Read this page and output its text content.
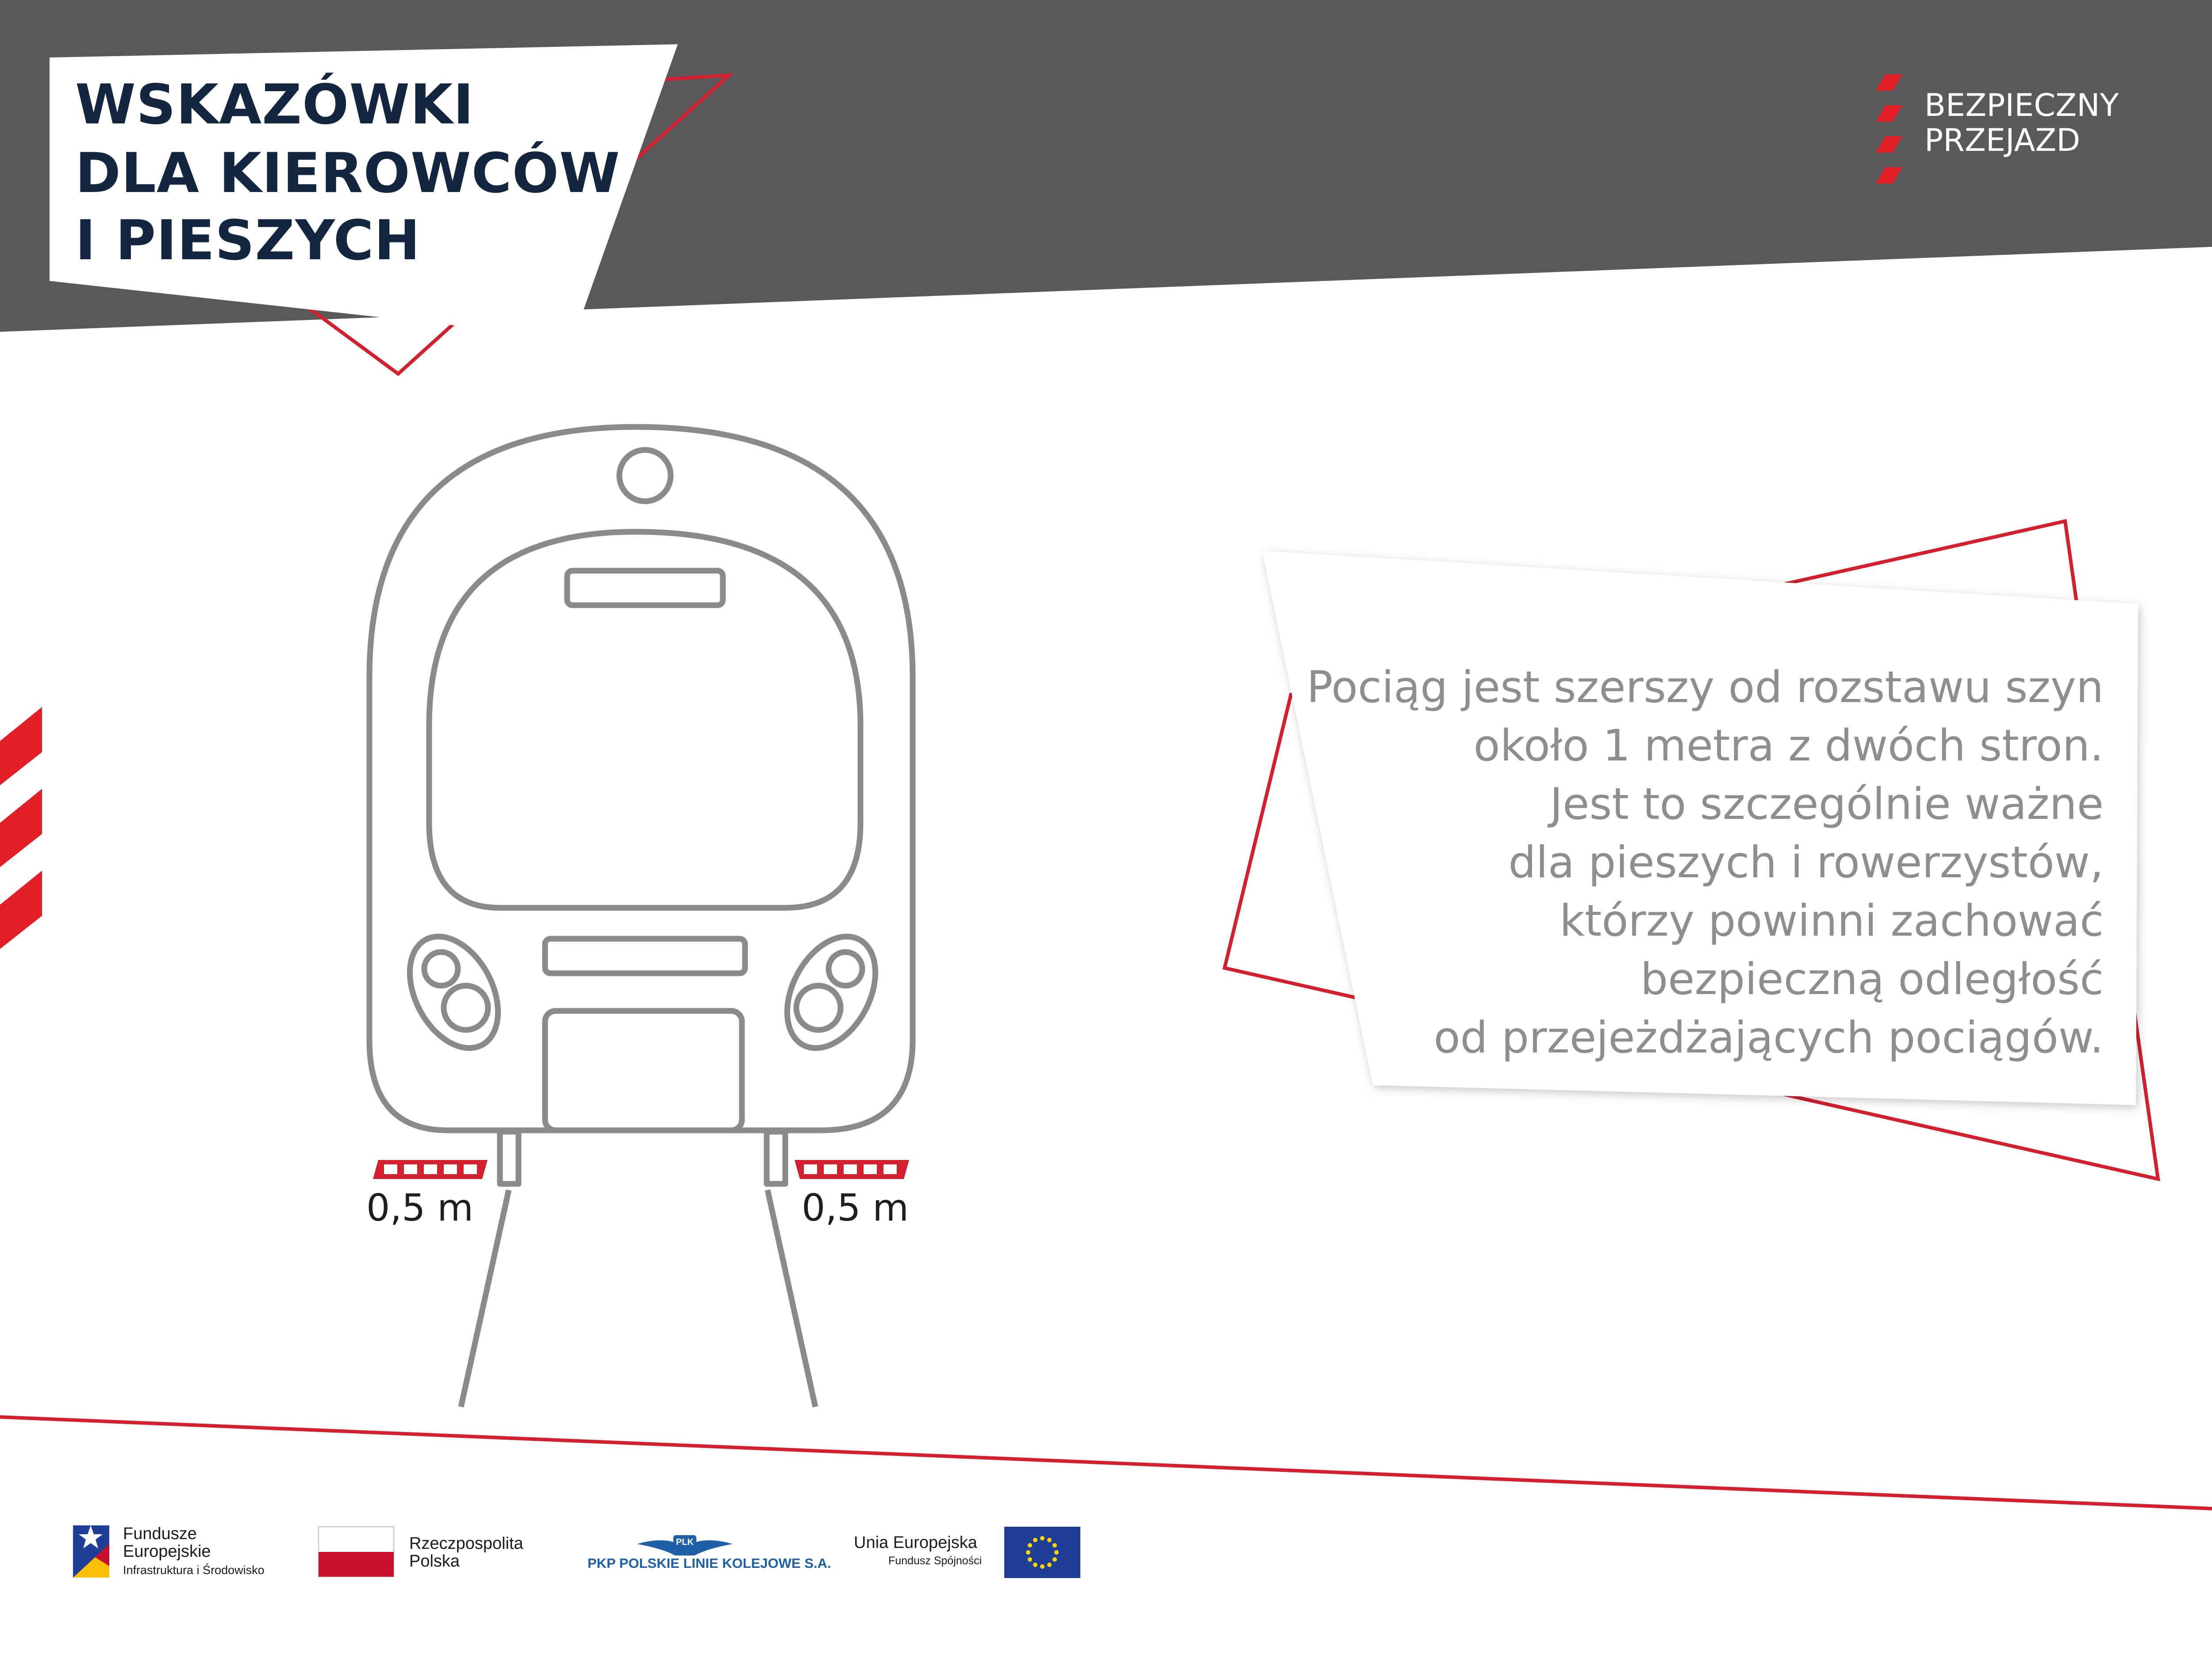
WSKAZÓWKI
DLA KIEROWCÓW
I PIESZYCH
BEZPIECZNY
PRZEJAZD
0,5 m	0,5 m
Pociąg jest szerszy od rozstawu szyn
około 1 metra z dwóch stron.
Jest to szczególnie ważne
dla pieszych i rowerzystów,
którzy powinni zachować
bezpieczną odległość
od przejeżdżających pociągów.
Fundusze
Europejskie
Infrastruktura i Środowisko
Rzeczpospolita
Polska
PLK
PKP POLSKIE LINIE KOLEJOWE S.A.
Unia Europejska
Fundusz Spójności
